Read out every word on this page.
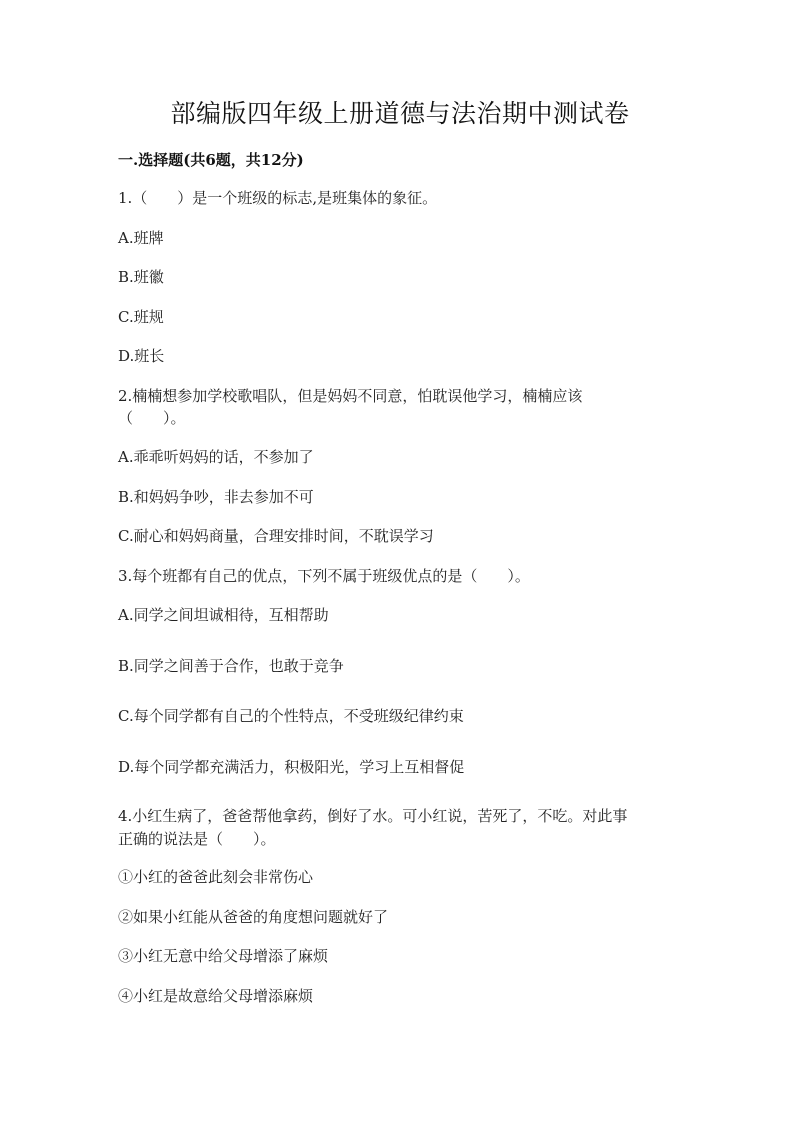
部编版四年级上册道德与法治期中测试卷
一.选择题(共6题，共12分)
1.（　　）是一个班级的标志,是班集体的象征。
A.班牌
B.班徽
C.班规
D.班长
2.楠楠想参加学校歌唱队，但是妈妈不同意，怕耽误他学习，楠楠应该
（　　）。
A.乖乖听妈妈的话，不参加了
B.和妈妈争吵，非去参加不可
C.耐心和妈妈商量，合理安排时间，不耽误学习
3.每个班都有自己的优点，下列不属于班级优点的是（　　）。
A.同学之间坦诚相待，互相帮助
B.同学之间善于合作，也敢于竞争
C.每个同学都有自己的个性特点，不受班级纪律约束
D.每个同学都充满活力，积极阳光，学习上互相督促
4.小红生病了，爸爸帮他拿药，倒好了水。可小红说，苦死了，不吃。对此事
正确的说法是（　　）。
①小红的爸爸此刻会非常伤心
②如果小红能从爸爸的角度想问题就好了
③小红无意中给父母增添了麻烦
④小红是故意给父母增添麻烦
